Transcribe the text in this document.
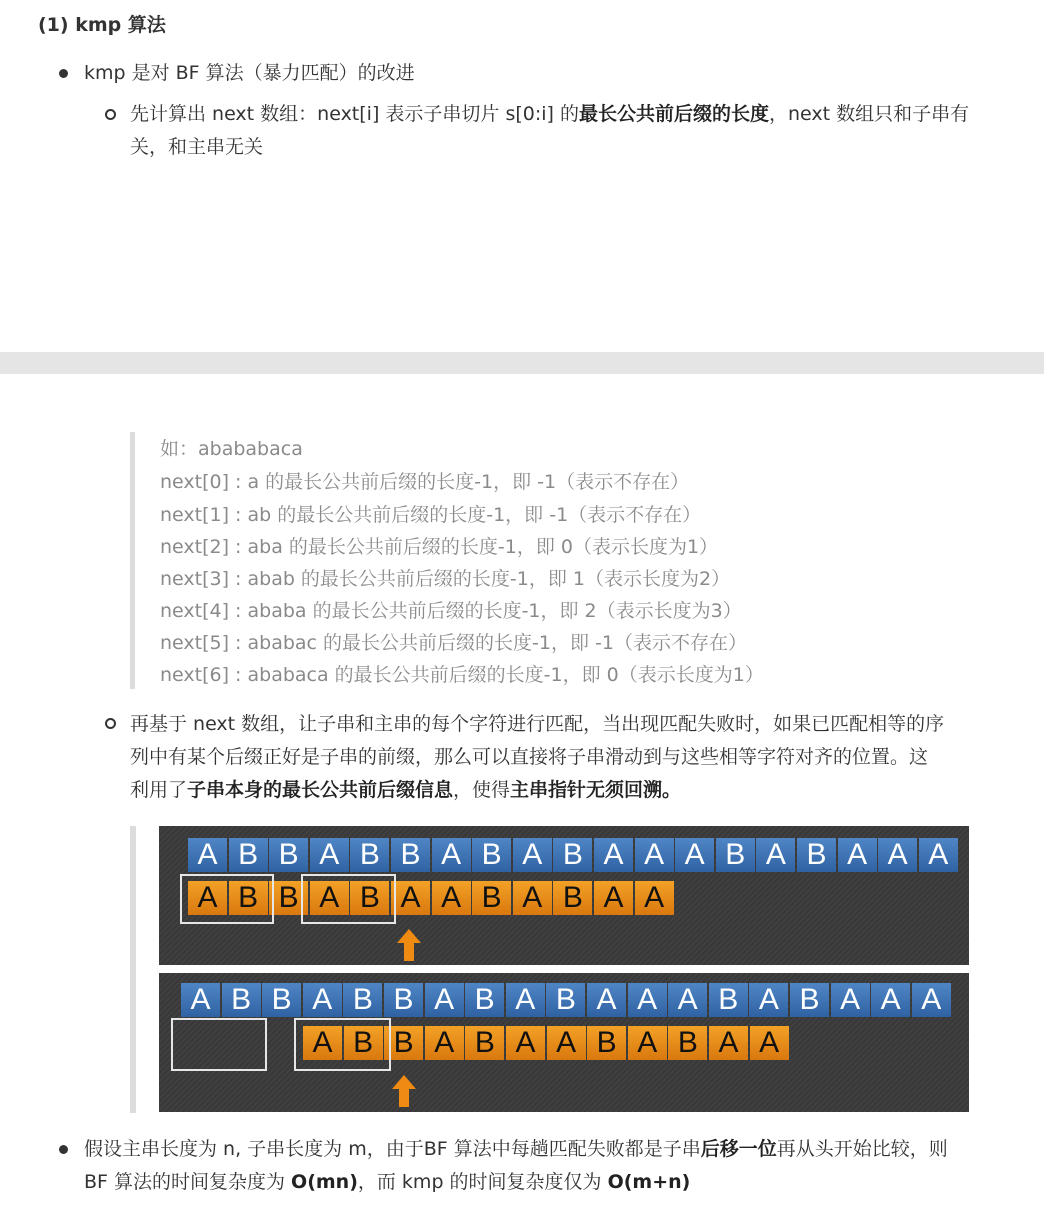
(1) kmp 算法
kmp 是对 BF 算法（暴力匹配）的改进
先计算出 next 数组：next[i] 表示子串切片 s[0:i] 的最长公共前后缀的长度，next 数组只和子串有
关，和主串无关
如：abababaca
next[0] : a 的最长公共前后缀的长度-1，即 -1（表示不存在）
next[1] : ab 的最长公共前后缀的长度-1，即 -1（表示不存在）
next[2] : aba 的最长公共前后缀的长度-1，即 0（表示长度为1）
next[3] : abab 的最长公共前后缀的长度-1，即 1（表示长度为2）
next[4] : ababa 的最长公共前后缀的长度-1，即 2（表示长度为3）
next[5] : ababac 的最长公共前后缀的长度-1，即 -1（表示不存在）
next[6] : ababaca 的最长公共前后缀的长度-1，即 0（表示长度为1）
再基于 next 数组，让子串和主串的每个字符进行匹配，当出现匹配失败时，如果已匹配相等的序
列中有某个后缀正好是子串的前缀，那么可以直接将子串滑动到与这些相等字符对齐的位置。这
利用了子串本身的最长公共前后缀信息，使得主串指针无须回溯。
A B B A B B A B A B A A A B A B A A A
A B B A B A A B A B A A
A B B A B B A B A B A A A B A B A A A
A B B A B A A B A B A A
假设主串长度为 n, 子串长度为 m，由于BF 算法中每趟匹配失败都是子串后移一位再从头开始比较，则
BF 算法的时间复杂度为 O(mn)，而 kmp 的时间复杂度仅为 O(m+n)
